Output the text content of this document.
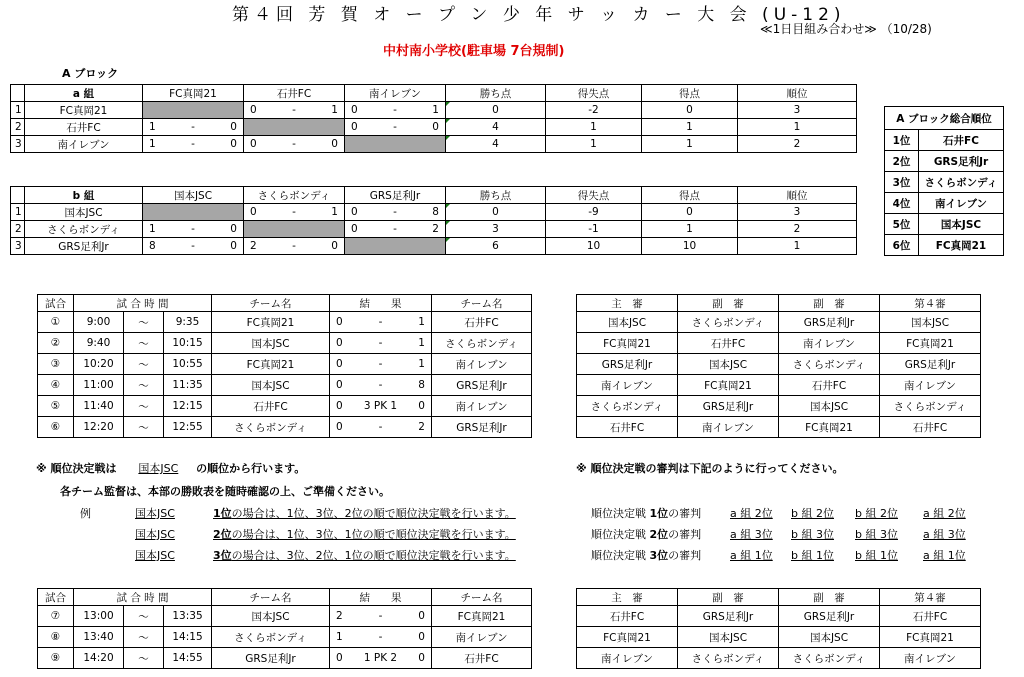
第４回 芳 賀 オ ー プ ン 少 年 サ ッ カ ー 大 会 (U-12)
≪1日目組み合わせ≫ （10/28)
中村南小学校(駐車場 7台規制)
A ブロック
	a 組	FC真岡21	石井FC	南イレブン	勝ち点	得失点	得点	順位
1	FC真岡21		0 - 1	0 - 1	0	-2	0	3
2	石井FC	1 - 0		0 - 0	4	1	1	1
3	南イレブン	1 - 0	0 - 0		4	1	1	2
	b 組	国本JSC	さくらボンディ	GRS足利Jr	勝ち点	得失点	得点	順位
1	国本JSC		0 - 1	0 - 8	0	-9	0	3
2	さくらボンディ	1 - 0		0 - 2	3	-1	1	2
3	GRS足利Jr	8 - 0	2 - 0		6	10	10	1
A ブロック総合順位	
1位	石井FC
2位	GRS足利Jr
3位	さくらボンディ
4位	南イレブン
5位	国本JSC
6位	FC真岡21
試合	試 合 時 間			チーム名	結　　果	チーム名
①	9:00	～	9:35	FC真岡21	0 - 1	石井FC
②	9:40	～	10:15	国本JSC	0 - 1	さくらボンディ
③	10:20	～	10:55	FC真岡21	0 - 1	南イレブン
④	11:00	～	11:35	国本JSC	0 - 8	GRS足利Jr
⑤	11:40	～	12:15	石井FC	0 3 PK 1 0	南イレブン
⑥	12:20	～	12:55	さくらボンディ	0 - 2	GRS足利Jr
主　審	副　審	副　審	第４審
国本JSC	さくらボンディ	GRS足利Jr	国本JSC
FC真岡21	石井FC	南イレブン	FC真岡21
GRS足利Jr	国本JSC	さくらボンディ	GRS足利Jr
南イレブン	FC真岡21	石井FC	南イレブン
さくらボンディ	GRS足利Jr	国本JSC	さくらボンディ
石井FC	南イレブン	FC真岡21	石井FC
※ 順位決定戦は 国本JSC の順位から行います。
各チーム監督は、本部の勝敗表を随時確認の上、ご準備ください。
例	国本JSC	1位の場合は、1位、3位、2位の順で順位決定戦を行います。
国本JSC	2位の場合は、1位、3位、1位の順で順位決定戦を行います。
国本JSC	3位の場合は、3位、2位、1位の順で順位決定戦を行います。
※ 順位決定戦の審判は下記のように行ってください。
順位決定戦 1位の審判	a 組 2位 b 組 2位 b 組 2位 a 組 2位
順位決定戦 2位の審判	a 組 3位 b 組 3位 b 組 3位 a 組 3位
順位決定戦 3位の審判	a 組 1位 b 組 1位 b 組 1位 a 組 1位
試合	試 合 時 間			チーム名	結　　果	チーム名
⑦	13:00	～	13:35	国本JSC	2 - 0	FC真岡21
⑧	13:40	～	14:15	さくらボンディ	1 - 0	南イレブン
⑨	14:20	～	14:55	GRS足利Jr	0 1 PK 2 0	石井FC
主　審	副　審	副　審	第４審
石井FC	GRS足利Jr	GRS足利Jr	石井FC
FC真岡21	国本JSC	国本JSC	FC真岡21
南イレブン	さくらボンディ	さくらボンディ	南イレブン
